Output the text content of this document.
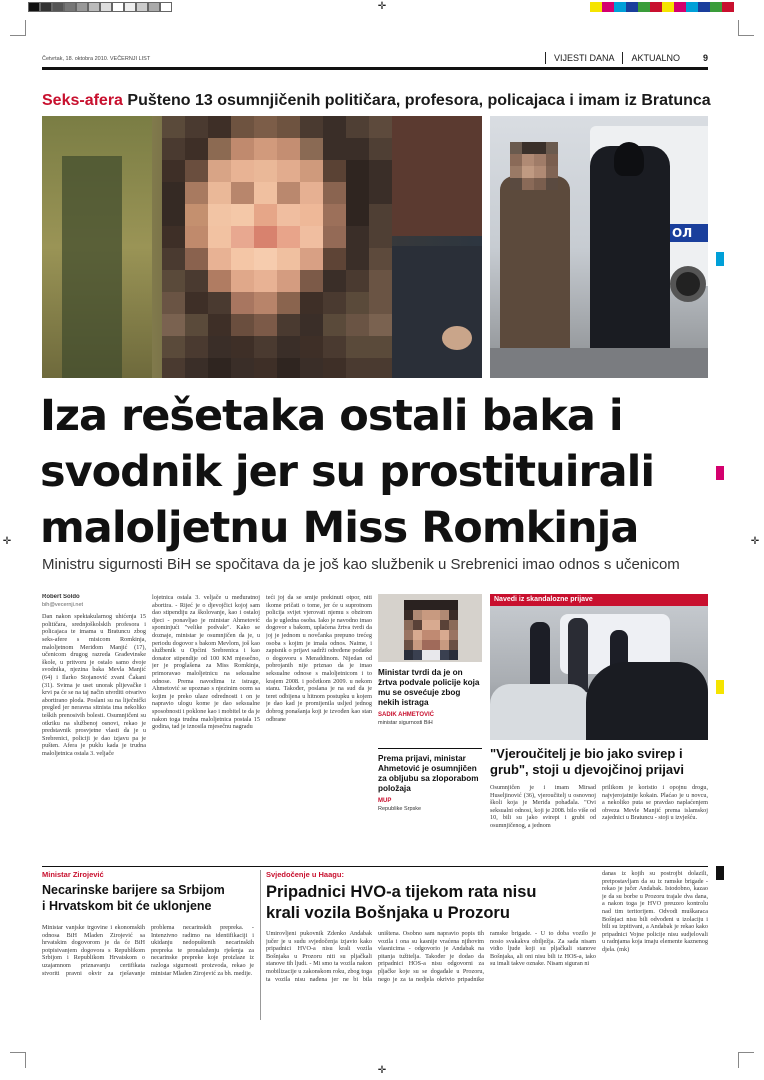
✛
✛	✛
✛
Četvrtak, 18. oktobra 2010. VEČERNJI LIST	VIJESTI DANA	AKTUALNO	9
Seks-afera Pušteno 13 osumnjičenih političara, profesora, policajaca i imam iz Bratunca
ОЛ
Iza rešetaka ostali baka i
svodnik jer su prostituirali
maloljetnu Miss Romkinja
Ministru sigurnosti BiH se spočitava da je još kao službenik u Srebrenici imao odnos s učenicom
Robert Soldo
bih@vecernji.net
Dan nakon spektakularnog uhićenja 15 političara, srednjoškolskih profesora i policajaca te imama u Bratuncu zbog seks-afere s misicom Romkinja, maloljetnom Meriđom Manjić (17), učenicom drugog razreda Građevinske škole, u pritvoru je ostalo samo dvoje svodnika, njezina baka Mevla Manjić (64) i Ilarko Stojanović zvani Čakani (31). Svima je uset unorak plijevačke i krvi pa će se na taj način utvrditi otvarivo abortirano ploda. Poslani su na liječnički pregled jer neravna sitnista ima nekoliko teških prenosivih bolesti. Osumnjičeni su otkriku na službenoj osnovi, rekao je predstavnik prosvjetne vlasti da je u Srebrenici, policiji je dao izjavu pa je pušten. Afera je puklu kada je trudna maloljetnica ostala 3. veljače
lojetnica ostala 3. veljače u međuratnoj abortira. - Rijeć je o djevojčici kojoj sam dao stipendiju za školovanje, kao i ostaloj djeci - ponavljao je ministar Ahmetović spominjući "velike podvale". Kako se doznaje, ministar je osumnjičen da je, u periodu dogovor s bakom Mevlom, još kao službenik u Općini Srebrenica i kao donator stipendije od 100 KM mjesečno, jer je proglašena za Miss Romkinja, primoravao maloljetnicu na seksualne odnose. Prema navodima iz istrage, Ahmetović se upoznao s njezinim ocem sa kojim je preko ulaze odrednosti i on je napravio ulogu kome je dao seksualne sposobnosti i poklone kao i mobitel te da je nakon toga trudna maloljetnica postala 15 godina, tad je iznosila mjesečnu nagradu
teći joj da se smije prekinuti otpor, niti ikome pričati o tome, jer će u suprotnom policija svijet vjerovati njemu s obzirom da je ugledna osoba. Iako je navodno imao dogovor s bakom, uplaćena žrtva tvrdi da joj je jednom u novčanka prepuno trećeg osoba s kojim je imala odnos. Naime, i zapisnik o prijavi sadrži određene podatke o dogovoru s Meraddinom. Nijedan od pobrojanih nije priznao da je imao seksualne odnose s maloljetnicom i to krajem 2008. i početkom 2009. u nekom stanu. Također, poslana je na sud da je teret odbijena u hitnom postupku u kojem je dao kad je promijenila usljed jednog dobrog ponašanja koji je izvođen kao stan odbrane
Ministar tvrdi da je on žrtva podvale policije koja mu se osvećuje zbog nekih istraga
SADIK AHMETOVIĆ
ministar sigurnosti BiH
Prema prijavi, ministar Ahmetović je osumnjičen za obljubu sa zloporabom položaja
MUP
Republike Srpske
Navedi iz skandalozne prijave
"Vjeroučitelj je bio jako svirep i grub", stoji u djevojčinoj prijavi
Osumnjičen je i imam Mirsad Huseljinović (36), vjeroučitelj u osnovnoj školi koja je Meriđa pohađala. "Ovi seksualni odnosi, koji je 2008. bilo više od 10, bili su jako svirepi i grubi od osumnjičenog, a jednom
prilikom je koristio i opojnu drogu, najvjerojatnije kokain. Plaćao je u novcu, a nekoliko puta se pravdao naplaćenjem obveza Mevle Manjić prema islamskoj zajednici u Bratuncu - stoji u izvješću.
Ministar Zirojević
Necarinske barijere sa Srbijom
i Hrvatskom bit će uklonjene
Ministar vanjske trgovine i ekonomskih odnosa BiH Mladen Zirojević sa hrvatskim dogovorom je da će BiH potpisivanjem dogovora s Republikom Srbijom i Republikom Hrvatskom o uzajamnom priznavanju certifikata stvoriti pravni okvir za rješavanje problema necarinskih prepreka. - Intenzivno radimo na identifikaciji i ukidanju nedopuštenih necarinskih prepreka te pronalaženju rješenja za necarinske prepreke koje proizlaze iz razloga sigurnosti proizvoda, rekao je ministar Mladen Zirojević za bh. medije.
Svjedočenje u Haagu:
Pripadnici HVO-a tijekom rata nisu
krali vozila Bošnjaka u Prozoru
Umirovljeni pukovnik Zdenko Andabak jučer je u sudu svjedočenja izjavio kako pripadnici HVO-a nisu krali vozila Bošnjaka u Prozoru niti su pljačkali stanove tih ljudi. - Mi smo ta vozila nakon mobilizacije u zakonskom roku, zbog toga ta vozila nisu nađena jer ne bi bila uništena. Osobno sam napravio popis tih vozila i ona su kasnije vraćena njihovim vlasnicima - odgovorio je Andabak na pitanja tužitelja. Također je dodao da pripadnici HOS-a nisu odgovorni za pljačke koje su se događale u Prozoru, nego je za ta nedjela okrivio pripadnike ramske brigade. - U to doba vozilo je nosio svakakva obilježja. Za sada nisam vidio ljude koji su pljačkali stanove Bošnjaka, ali oni nisu bili iz HOS-a, iako su imali takve oznake. Nisam siguran ni
danas iz kojih su postrojbi dolazili, pretpostavljam da su iz ramske brigade - rekao je jučer Andabak. Istodobno, kazao je da su borbe u Prozoru trajale dva dana, a nakon toga je HVO preuzeo kontrolu nad tim teritorijem. Odvodi muškaraca Bošnjaci nisu bili odvođeni u izolaciju i bili su izpitivani, a Andabak je rekao kako pripadnici Vojne policije nisu sudjelovali u radnjama koja imaju elemente kaznenog djela. (mk)
